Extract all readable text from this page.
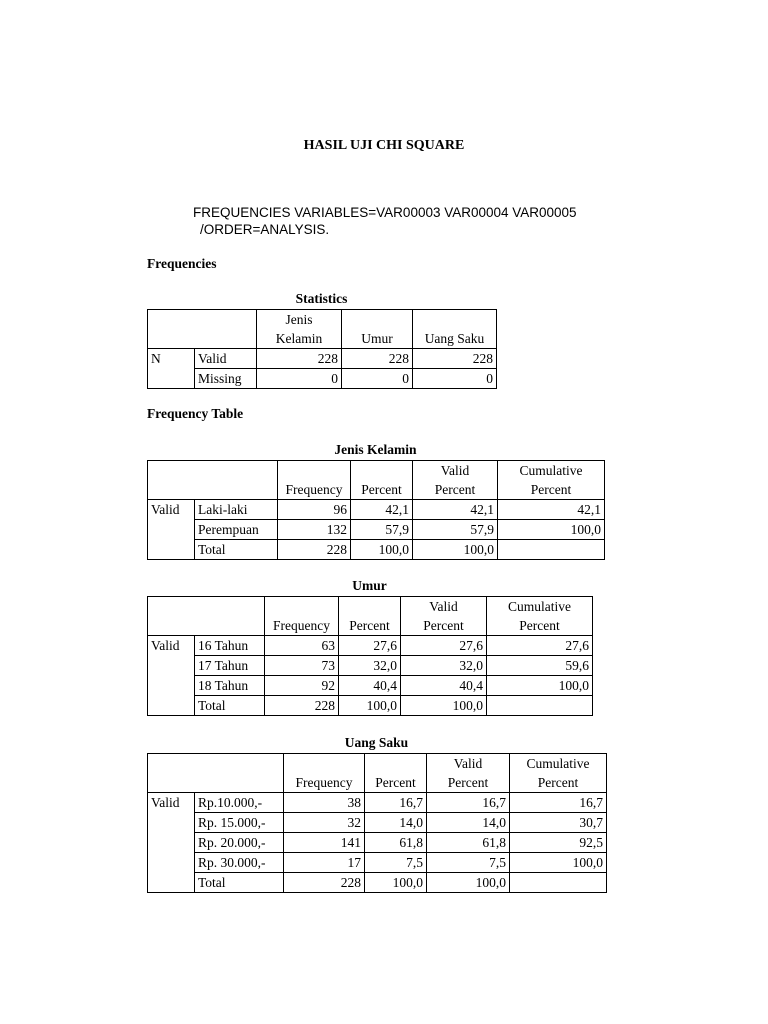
HASIL UJI CHI SQUARE
FREQUENCIES VARIABLES=VAR00003 VAR00004 VAR00005
/ORDER=ANALYSIS.
Frequencies
Statistics
		Jenis		
		Kelamin	Umur	Uang Saku
N	Valid	228	228	228
	Missing	0	0	0
Frequency Table
Jenis Kelamin
				Valid	Cumulative
		Frequency	Percent	Percent	Percent
Valid	Laki-laki	96	42,1	42,1	42,1
	Perempuan	132	57,9	57,9	100,0
	Total	228	100,0	100,0	
Umur
				Valid	Cumulative
		Frequency	Percent	Percent	Percent
Valid	16 Tahun	63	27,6	27,6	27,6
	17 Tahun	73	32,0	32,0	59,6
	18 Tahun	92	40,4	40,4	100,0
	Total	228	100,0	100,0	
Uang Saku
				Valid	Cumulative
		Frequency	Percent	Percent	Percent
Valid	Rp.10.000,-	38	16,7	16,7	16,7
	Rp. 15.000,-	32	14,0	14,0	30,7
	Rp. 20.000,-	141	61,8	61,8	92,5
	Rp. 30.000,-	17	7,5	7,5	100,0
	Total	228	100,0	100,0	
